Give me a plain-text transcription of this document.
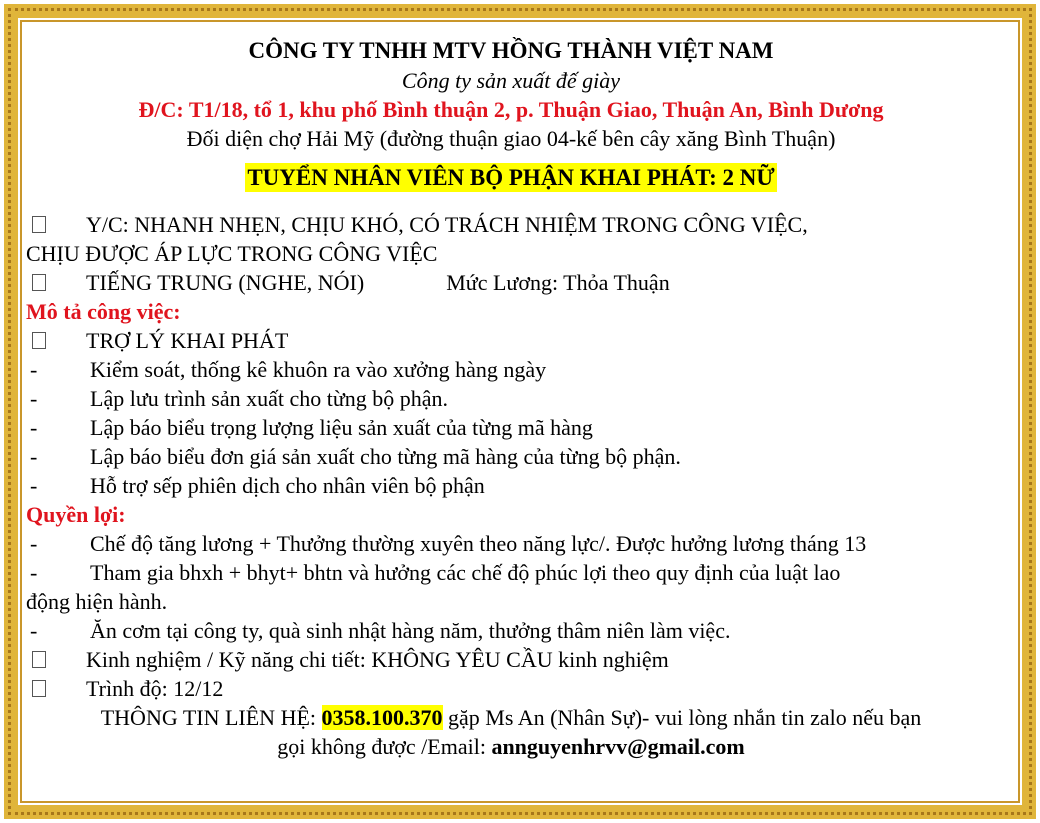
CÔNG TY TNHH MTV HỒNG THÀNH VIỆT NAM
Công ty sản xuất đế giày
Đ/C: T1/18, tổ 1, khu phố Bình thuận 2, p. Thuận Giao, Thuận An, Bình Dương
Đối diện chợ Hải Mỹ (đường thuận giao 04-kế bên cây xăng Bình Thuận)
TUYỂN NHÂN VIÊN BỘ PHẬN KHAI PHÁT: 2 NỮ
Y/C: NHANH NHẸN, CHỊU KHÓ, CÓ TRÁCH NHIỆM TRONG CÔNG VIỆC,
CHỊU ĐƯỢC ÁP LỰC TRONG CÔNG VIỆC
TIẾNG TRUNG (NGHE, NÓI)	Mức Lương: Thỏa Thuận
Mô tả công việc:
TRỢ LÝ KHAI PHÁT
-	Kiểm soát, thống kê khuôn ra vào xưởng hàng ngày
-	Lập lưu trình sản xuất cho từng bộ phận.
-	Lập báo biểu trọng lượng liệu sản xuất của từng mã hàng
-	Lập báo biểu đơn giá sản xuất cho từng mã hàng của từng bộ phận.
-	Hỗ trợ sếp phiên dịch cho nhân viên bộ phận
Quyền lợi:
-	Chế độ tăng lương + Thưởng thường xuyên theo năng lực/. Được hưởng lương tháng 13
-	Tham gia bhxh + bhyt+ bhtn và hưởng các chế độ phúc lợi theo quy định của luật lao
động hiện hành.
-	Ăn cơm tại công ty, quà sinh nhật hàng năm, thưởng thâm niên làm việc.
Kinh nghiệm / Kỹ năng chi tiết: KHÔNG YÊU CẦU kinh nghiệm
Trình độ: 12/12
THÔNG TIN LIÊN HỆ: 0358.100.370 gặp Ms An (Nhân Sự)- vui lòng nhắn tin zalo nếu bạn
gọi không được /Email: annguyenhrvv@gmail.com
